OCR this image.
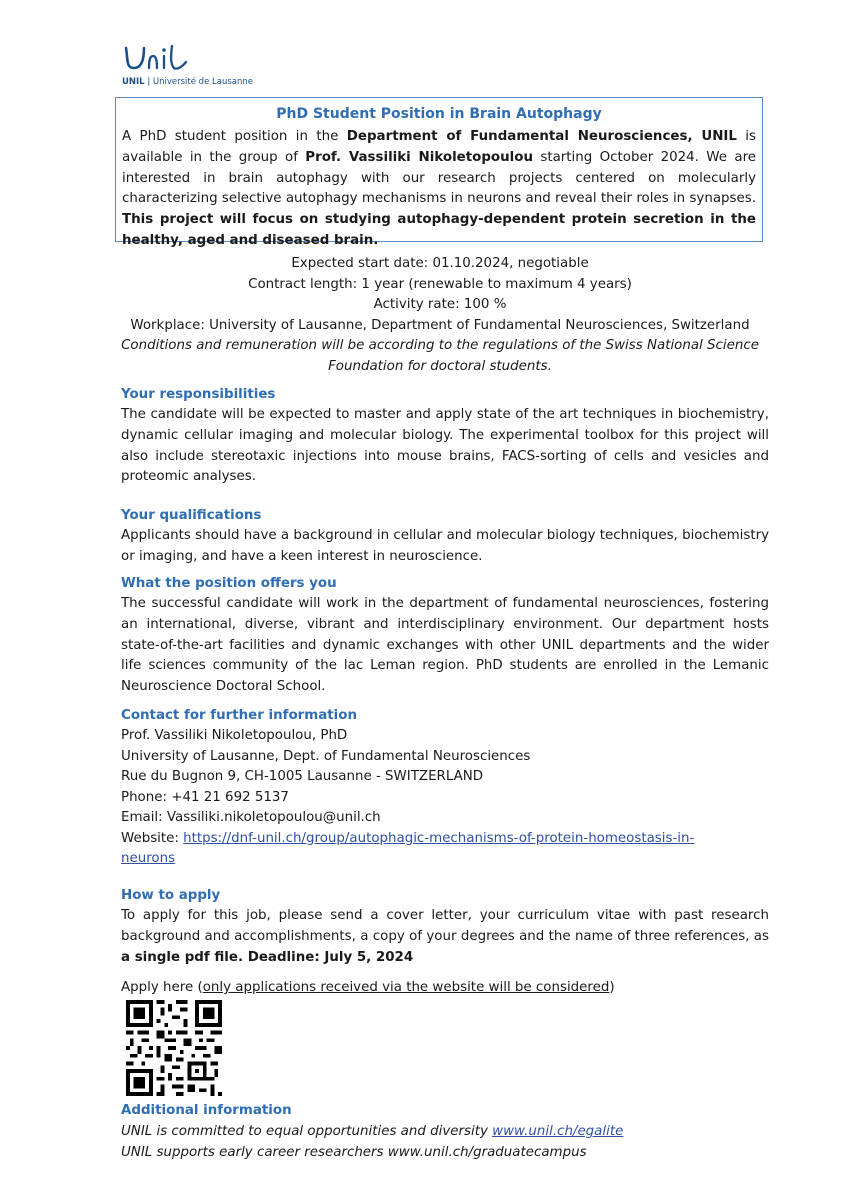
UNIL | Université de Lausanne
PhD Student Position in Brain Autophagy

A PhD student position in the Department of Fundamental Neurosciences, UNIL is available in the group of Prof. Vassiliki Nikoletopoulou starting October 2024. We are interested in brain autophagy with our research projects centered on molecularly characterizing selective autophagy mechanisms in neurons and reveal their roles in synapses. This project will focus on studying autophagy-dependent protein secretion in the healthy, aged and diseased brain.

Expected start date: 01.10.2024, negotiable
Contract length: 1 year (renewable to maximum 4 years)
Activity rate: 100 %
Workplace: University of Lausanne, Department of Fundamental Neurosciences, Switzerland
Conditions and remuneration will be according to the regulations of the Swiss National Science Foundation for doctoral students.
Your responsibilities

The candidate will be expected to master and apply state of the art techniques in biochemistry, dynamic cellular imaging and molecular biology. The experimental toolbox for this project will also include stereotaxic injections into mouse brains, FACS-sorting of cells and vesicles and proteomic analyses.

Your qualifications

Applicants should have a background in cellular and molecular biology techniques, biochemistry or imaging, and have a keen interest in neuroscience.

What the position offers you

The successful candidate will work in the department of fundamental neurosciences, fostering an international, diverse, vibrant and interdisciplinary environment. Our department hosts state-of-the-art facilities and dynamic exchanges with other UNIL departments and the wider life sciences community of the lac Leman region. PhD students are enrolled in the Lemanic Neuroscience Doctoral School.

Contact for further information
Prof. Vassiliki Nikoletopoulou, PhD
University of Lausanne, Dept. of Fundamental Neurosciences
Rue du Bugnon 9, CH-1005 Lausanne - SWITZERLAND
Phone: +41 21 692 5137
Email: Vassiliki.nikoletopoulou@unil.ch
Website: https://dnf-unil.ch/group/autophagic-mechanisms-of-protein-homeostasis-in-neurons
How to apply

To apply for this job, please send a cover letter, your curriculum vitae with past research background and accomplishments, a copy of your degrees and the name of three references, as a single pdf file. Deadline: July 5, 2024

Apply here (only applications received via the website will be considered)
Additional information
UNIL is committed to equal opportunities and diversity www.unil.ch/egalite
UNIL supports early career researchers www.unil.ch/graduatecampus
